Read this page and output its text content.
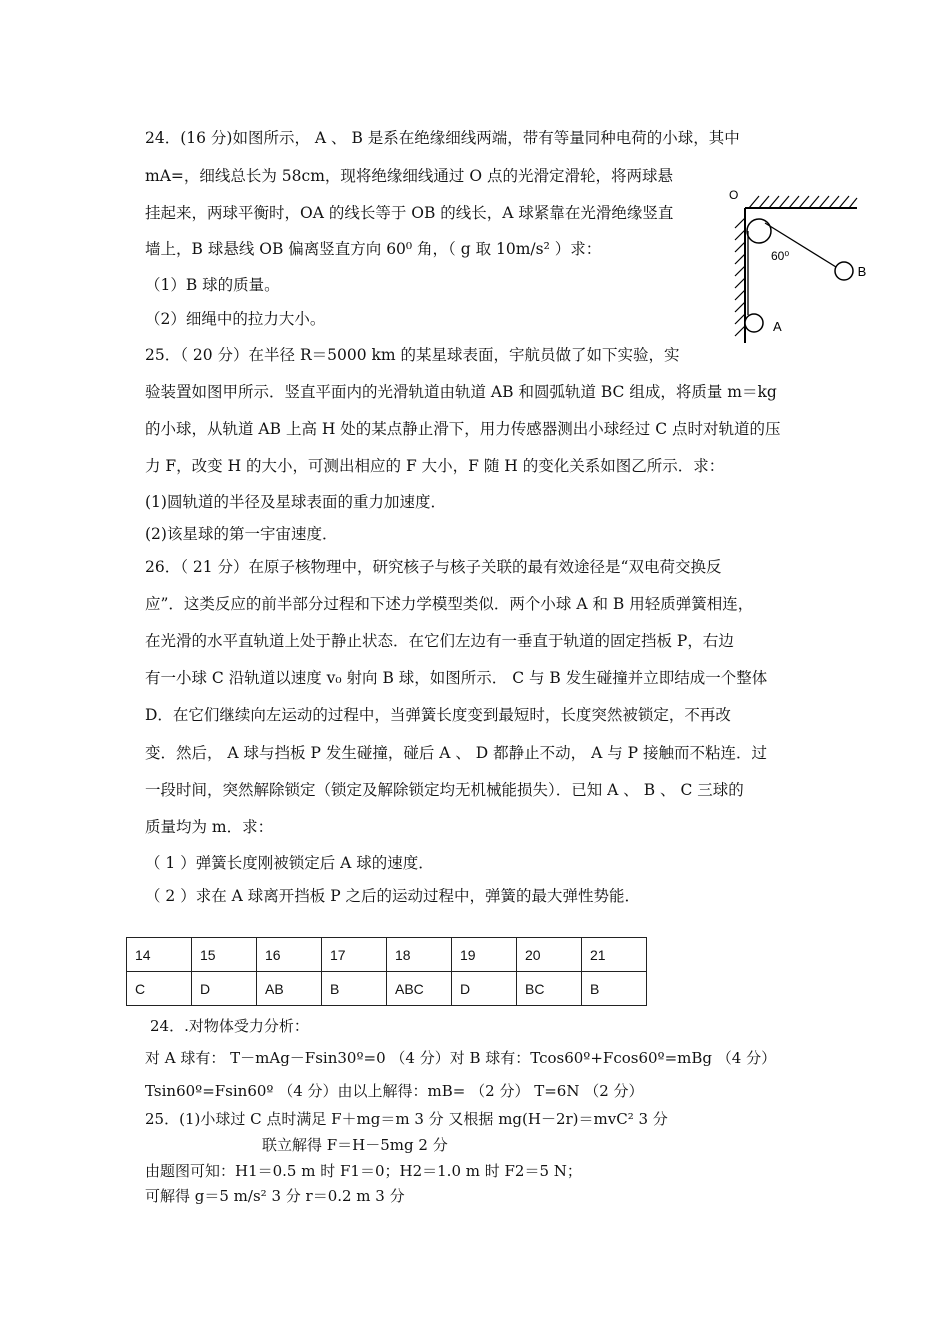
24．(16 分)如图所示， A 、 B 是系在绝缘细线两端，带有等量同种电荷的小球，其中
mA=，细线总长为 58cm，现将绝缘细线通过 O 点的光滑定滑轮，将两球悬
挂起来，两球平衡时，OA 的线长等于 OB 的线长，A 球紧靠在光滑绝缘竖直
墙上，B 球悬线 OB 偏离竖直方向 60⁰ 角，（ g 取 10m/s² ）求：
（1）B 球的质量。
（2）细绳中的拉力大小。
O
60⁰
B
A
25．（ 20 分）在半径 R＝5000 km 的某星球表面，宇航员做了如下实验，实
验装置如图甲所示．竖直平面内的光滑轨道由轨道 AB 和圆弧轨道 BC 组成，将质量 m＝kg
的小球，从轨道 AB 上高 H 处的某点静止滑下，用力传感器测出小球经过 C 点时对轨道的压
力 F，改变 H 的大小，可测出相应的 F 大小，F 随 H 的变化关系如图乙所示．求：
(1)圆轨道的半径及星球表面的重力加速度．
(2)该星球的第一宇宙速度．
26．（ 21 分）在原子核物理中，研究核子与核子关联的最有效途径是“双电荷交换反
应”．这类反应的前半部分过程和下述力学模型类似．两个小球 A 和 B 用轻质弹簧相连，
在光滑的水平直轨道上处于静止状态．在它们左边有一垂直于轨道的固定挡板 P，右边
有一小球 C 沿轨道以速度 v₀ 射向 B 球，如图所示． C 与 B 发生碰撞并立即结成一个整体
D．在它们继续向左运动的过程中，当弹簧长度变到最短时，长度突然被锁定，不再改
变．然后， A 球与挡板 P 发生碰撞，碰后 A 、 D 都静止不动， A 与 P 接触而不粘连．过
一段时间，突然解除锁定（锁定及解除锁定均无机械能损失）．已知 A 、 B 、 C 三球的
质量均为 m．求：
（ 1 ）弹簧长度刚被锁定后 A 球的速度．
（ 2 ）求在 A 球离开挡板 P 之后的运动过程中，弹簧的最大弹性势能．
14	15	16	17	18	19	20	21
C	D	AB	B	ABC	D	BC	B
24．.对物体受力分析：
对 A 球有： T－mAg－Fsin30º=0 （4 分）对 B 球有：Tcos60º+Fcos60º=mBg （4 分）
Tsin60º=Fsin60º （4 分）由以上解得：mB= （2 分） T=6N （2 分）
25．(1)小球过 C 点时满足 F＋mg＝m 3 分 又根据 mg(H－2r)＝mvC² 3 分
联立解得 F＝H－5mg 2 分
由题图可知：H1＝0.5 m 时 F1＝0；H2＝1.0 m 时 F2＝5 N；
可解得 g＝5 m/s² 3 分 r＝0.2 m 3 分
